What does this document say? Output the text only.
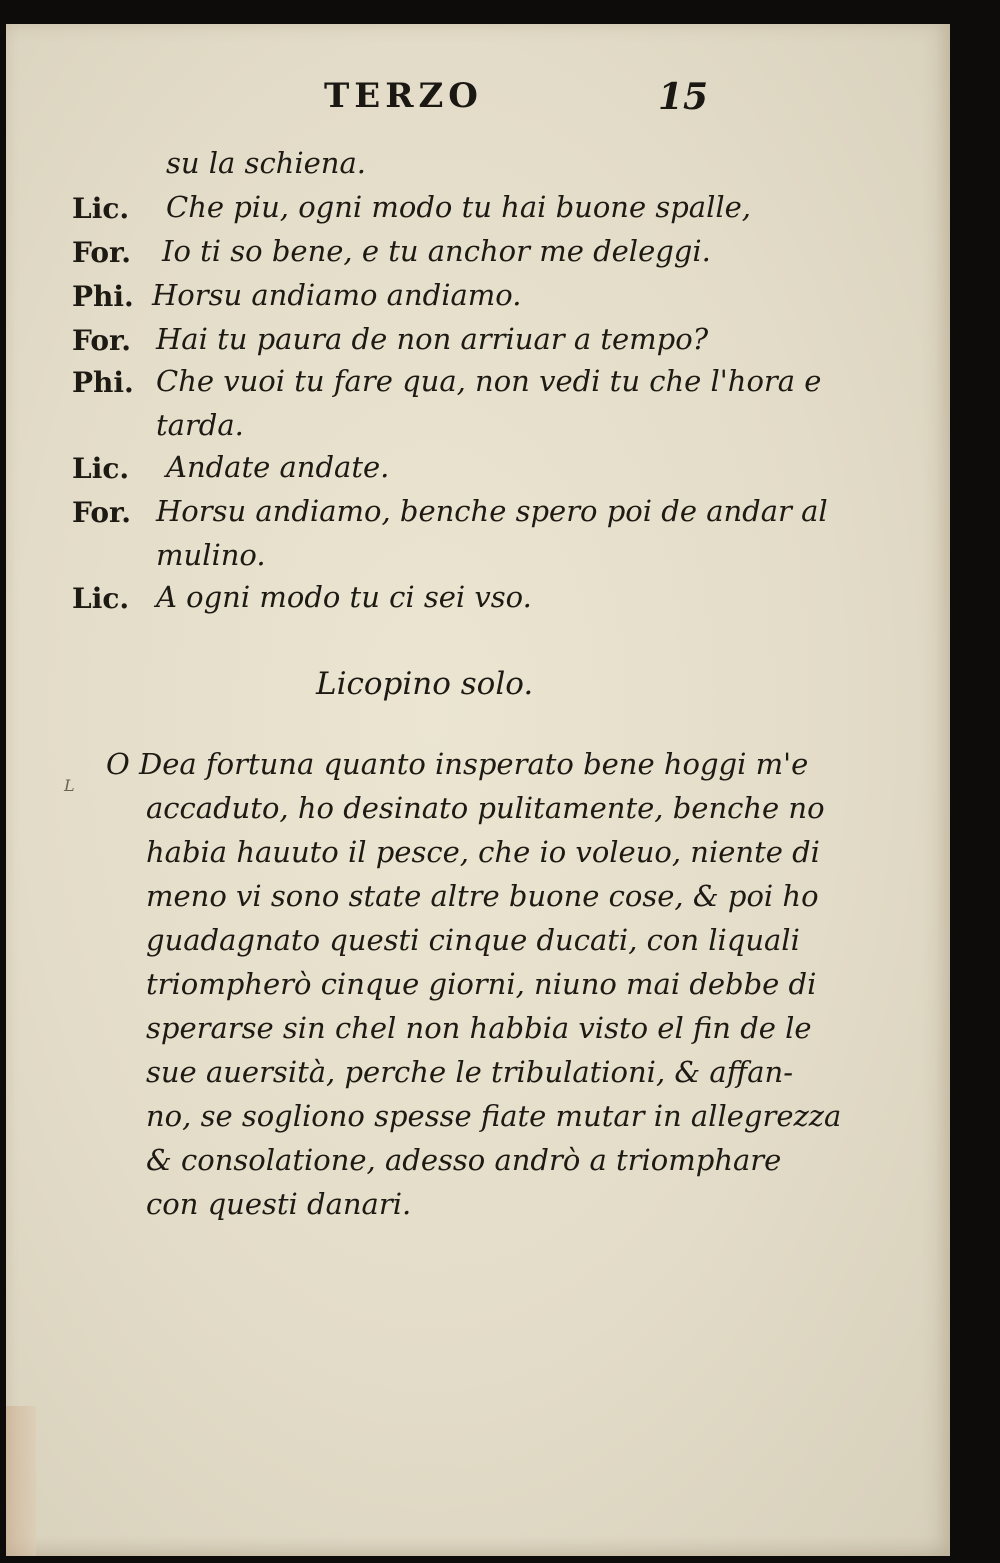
TERZO	15
su la schiena.
Lic. Che piu, ogni modo tu hai buone spalle,
For. Io ti so bene, e tu anchor me deleggi.
Phi. Horsu andiamo andiamo.
For. Hai tu paura de non arriuar a tempo?
Phi. Che vuoi tu fare qua, non vedi tu che l'hora e
tarda.
Lic. Andate andate.
For. Horsu andiamo, benche spero poi de andar al
mulino.
Lic. A ogni modo tu ci sei vso.
Licopino solo.
L
O Dea fortuna quanto insperato bene hoggi m'e
accaduto, ho desinato pulitamente, benche no
habia hauuto il pesce, che io voleuo, niente di
meno vi sono state altre buone cose, & poi ho
guadagnato questi cinque ducati, con liquali
triompherò cinque giorni, niuno mai debbe di
sperarse sin chel non habbia visto el fin de le
sue auersità, perche le tribulationi, & affan-
no, se sogliono spesse fiate mutar in allegrezza
& consolatione, adesso andrò a triomphare
con questi danari.
